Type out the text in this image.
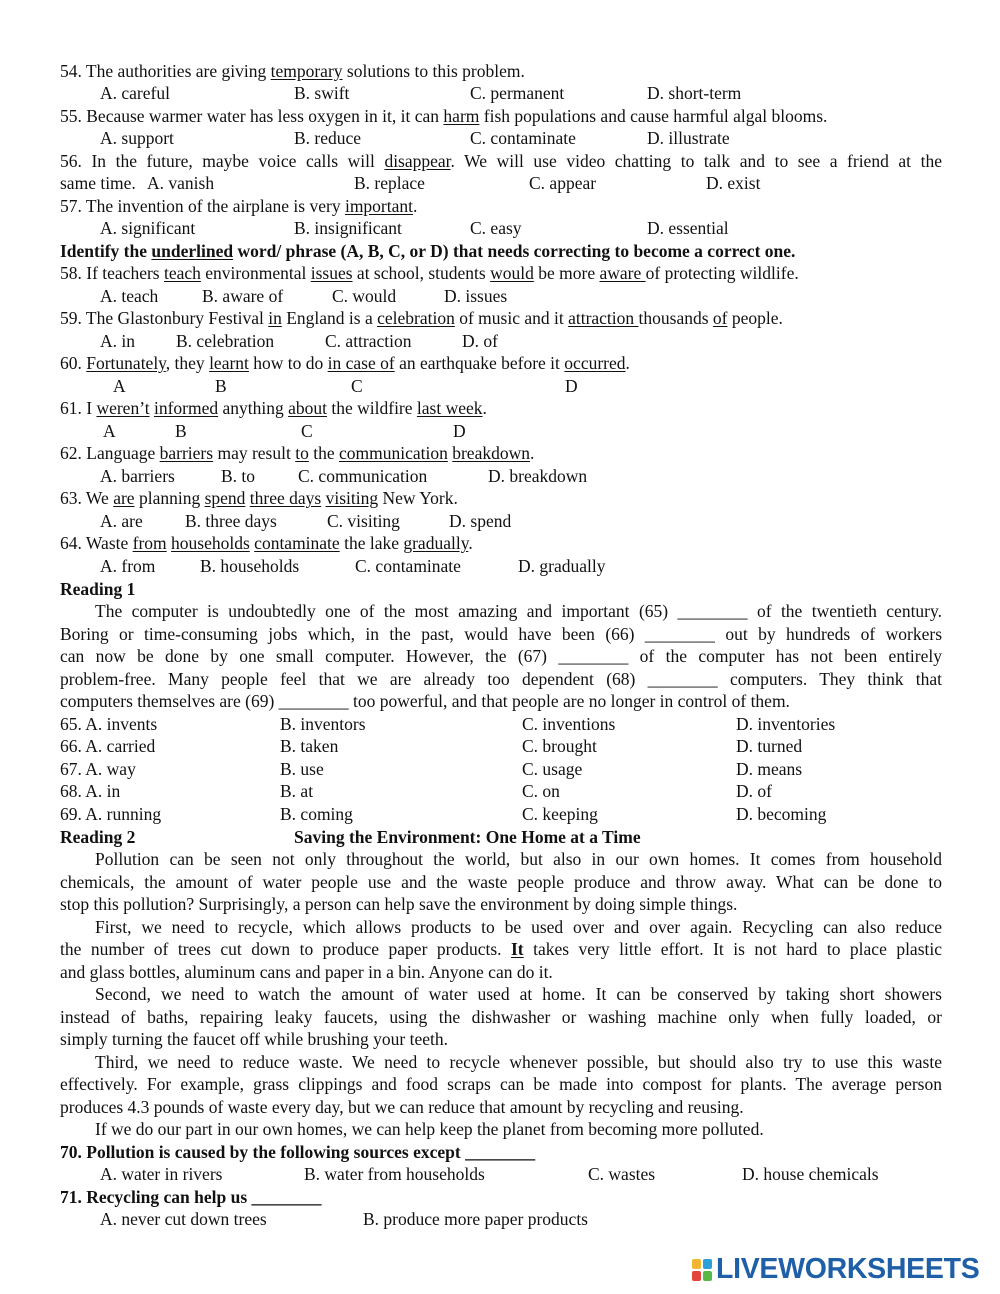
54. The authorities are giving temporary solutions to this problem.
A. careful	B. swift	C. permanent	D. short-term
55. Because warmer water has less oxygen in it, it can harm fish populations and cause harmful algal blooms.
A. support	B. reduce	C. contaminate	D. illustrate
56. In the future, maybe voice calls will disappear. We will use video chatting to talk and to see a friend at the
same time. A. vanish	B. replace	C. appear	D. exist
57. The invention of the airplane is very important.
A. significant	B. insignificant	C. easy	D. essential
Identify the underlined word/ phrase (A, B, C, or D) that needs correcting to become a correct one.
58. If teachers teach environmental issues at school, students would be more aware of protecting wildlife.
A. teach B. aware of	C. would	D. issues
59. The Glastonbury Festival in England is a celebration of music and it attraction thousands of people.
A. in B. celebration	C. attraction	D. of
60. Fortunately, they learnt how to do in case of an earthquake before it occurred.
A	B	C	D
61. I weren’t informed anything about the wildfire last week.
A	B	C	D
62. Language barriers may result to the communication breakdown.
A. barriers	B. to C. communication	D. breakdown
63. We are planning spend three days visiting New York.
A. are B. three days	C. visiting	D. spend
64. Waste from households contaminate the lake gradually.
A. from	B. households	C. contaminate	D. gradually
Reading 1
The computer is undoubtedly one of the most amazing and important (65) ________ of the twentieth century.
Boring or time-consuming jobs which, in the past, would have been (66) ________ out by hundreds of workers
can now be done by one small computer. However, the (67) ________ of the computer has not been entirely
problem-free. Many people feel that we are already too dependent (68) ________ computers. They think that
computers themselves are (69) ________ too powerful, and that people are no longer in control of them.
65. A. invents	B. inventors	C. inventions	D. inventories
66. A. carried	B. taken	C. brought	D. turned
67. A. way	B. use	C. usage	D. means
68. A. in	B. at	C. on	D. of
69. A. running	B. coming	C. keeping	D. becoming
Reading 2	Saving the Environment: One Home at a Time
Pollution can be seen not only throughout the world, but also in our own homes. It comes from household
chemicals, the amount of water people use and the waste people produce and throw away. What can be done to
stop this pollution? Surprisingly, a person can help save the environment by doing simple things.
First, we need to recycle, which allows products to be used over and over again. Recycling can also reduce
the number of trees cut down to produce paper products. It takes very little effort. It is not hard to place plastic
and glass bottles, aluminum cans and paper in a bin. Anyone can do it.
Second, we need to watch the amount of water used at home. It can be conserved by taking short showers
instead of baths, repairing leaky faucets, using the dishwasher or washing machine only when fully loaded, or
simply turning the faucet off while brushing your teeth.
Third, we need to reduce waste. We need to recycle whenever possible, but should also try to use this waste
effectively. For example, grass clippings and food scraps can be made into compost for plants. The average person
produces 4.3 pounds of waste every day, but we can reduce that amount by recycling and reusing.
If we do our part in our own homes, we can help keep the planet from becoming more polluted.
70. Pollution is caused by the following sources except ________
A. water in rivers	B. water from households	C. wastes	D. house chemicals
71. Recycling can help us ________
A. never cut down trees	B. produce more paper products
LIVEWORKSHEETS
